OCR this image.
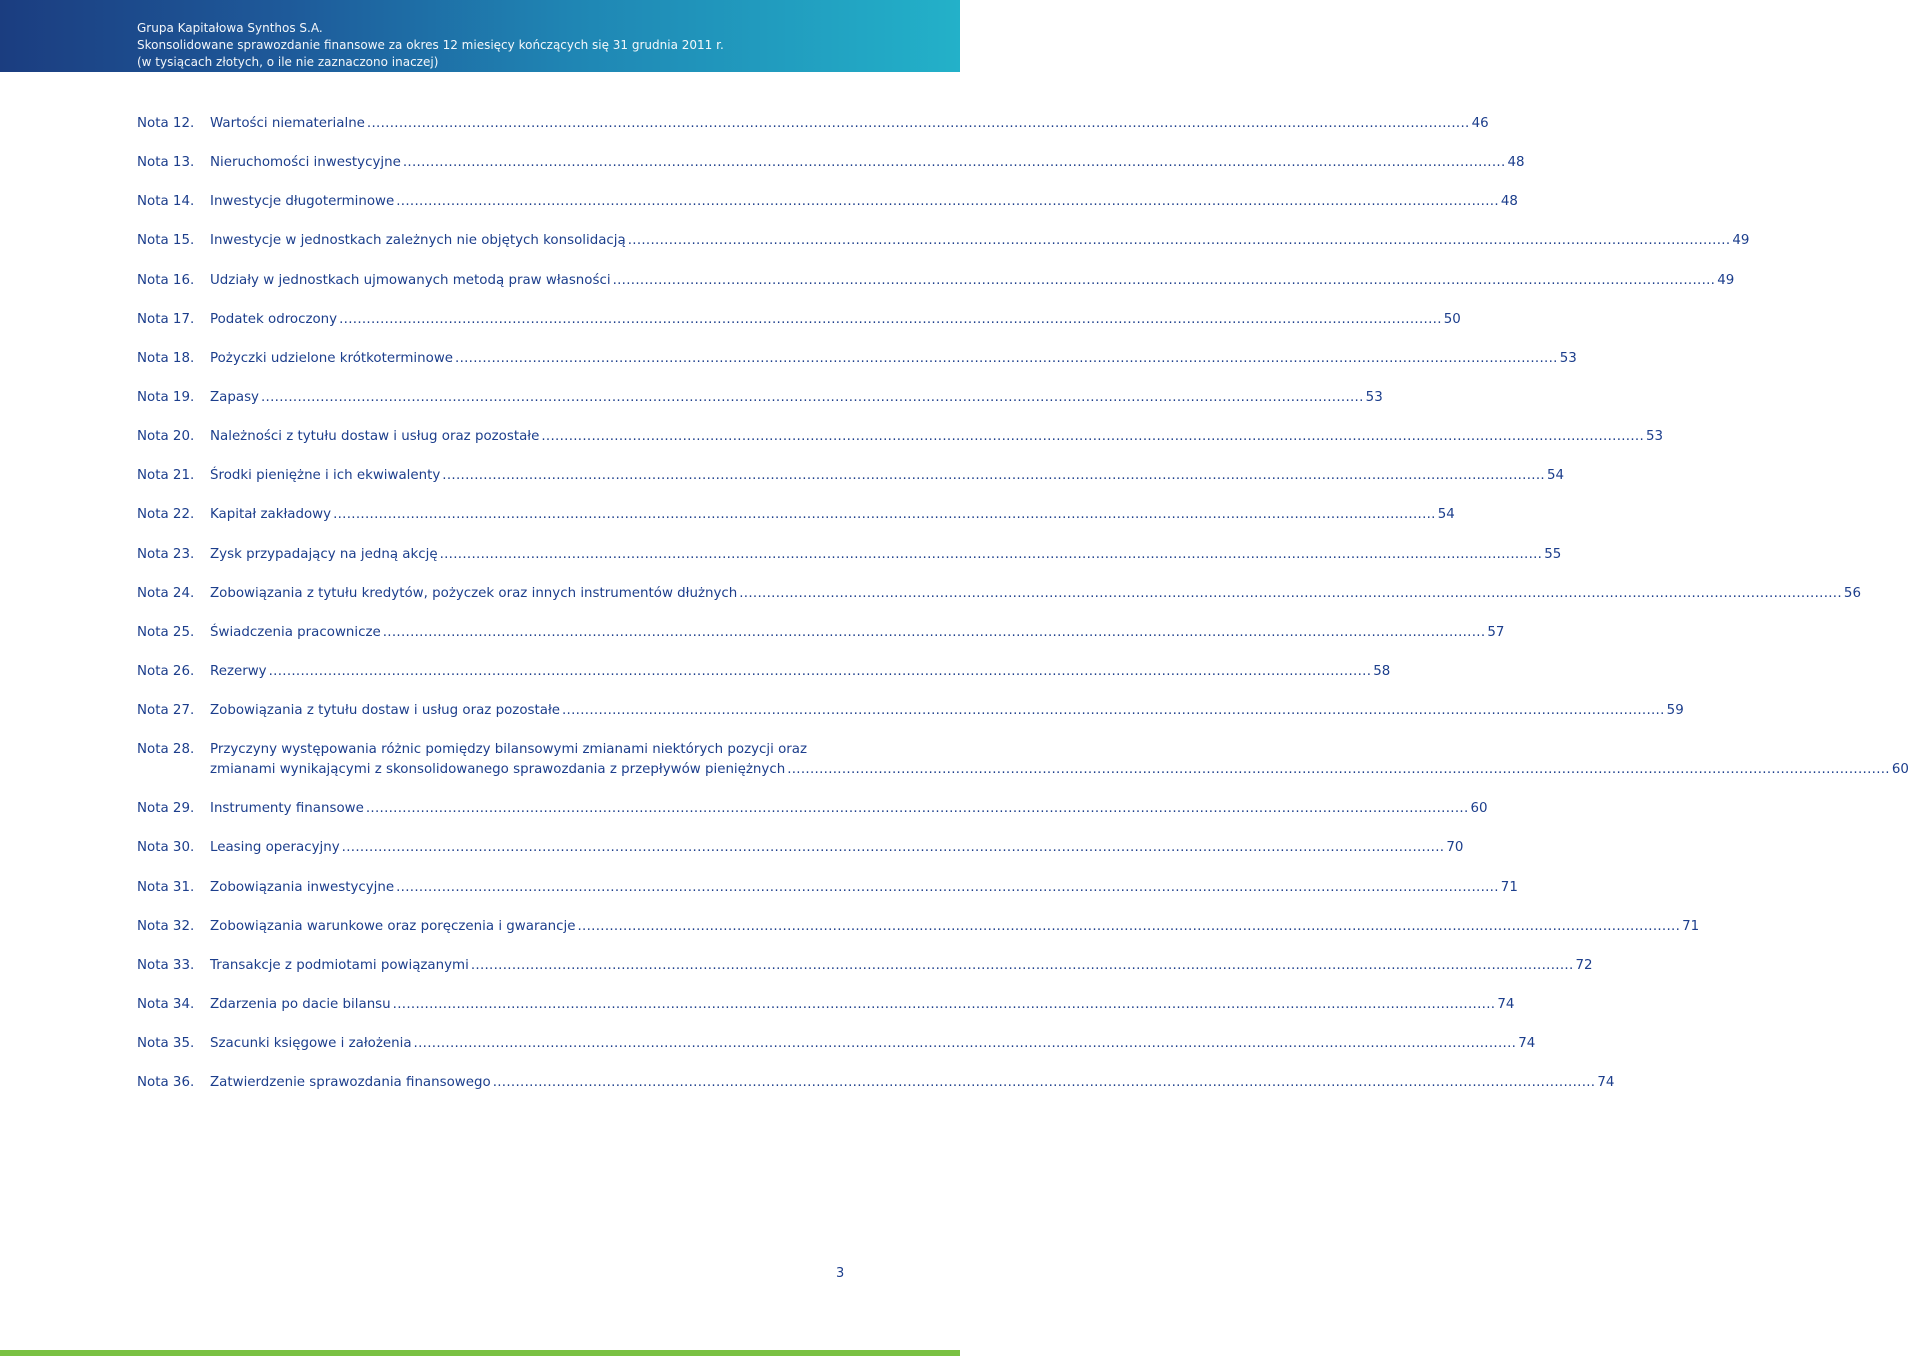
Grupa Kapitałowa Synthos S.A.
Skonsolidowane sprawozdanie finansowe za okres 12 miesięcy kończących się 31 grudnia 2011 r.
(w tysiącach złotych, o ile nie zaznaczono inaczej)
Nota 12.	Wartości niematerialne .....	46
Nota 13.	Nieruchomości inwestycyjne .....	48
Nota 14.	Inwestycje długoterminowe .....	48
Nota 15.	Inwestycje w jednostkach zależnych nie objętych konsolidacją .....	49
Nota 16.	Udziały w jednostkach ujmowanych metodą praw własności .....	49
Nota 17.	Podatek odroczony .....	50
Nota 18.	Pożyczki udzielone krótkoterminowe .....	53
Nota 19.	Zapasy .....	53
Nota 20.	Należności z tytułu dostaw i usług oraz pozostałe .....	53
Nota 21.	Środki pieniężne i ich ekwiwalenty .....	54
Nota 22.	Kapitał zakładowy .....	54
Nota 23.	Zysk przypadający na jedną akcję .....	55
Nota 24.	Zobowiązania z tytułu kredytów, pożyczek oraz innych instrumentów dłużnych .....	56
Nota 25.	Świadczenia pracownicze .....	57
Nota 26.	Rezerwy .....	58
Nota 27.	Zobowiązania z tytułu dostaw i usług oraz pozostałe .....	59
Nota 28.	Przyczyny występowania różnic pomiędzy bilansowymi zmianami niektórych pozycji oraz
zmianami wynikającymi z skonsolidowanego sprawozdania z przepływów pieniężnych .....	60
Nota 29.	Instrumenty finansowe .....	60
Nota 30.	Leasing operacyjny .....	70
Nota 31.	Zobowiązania inwestycyjne .....	71
Nota 32.	Zobowiązania warunkowe oraz poręczenia i gwarancje .....	71
Nota 33.	Transakcje z podmiotami powiązanymi .....	72
Nota 34.	Zdarzenia po dacie bilansu .....	74
Nota 35.	Szacunki księgowe i założenia .....	74
Nota 36.	Zatwierdzenie sprawozdania finansowego .....	74
3
